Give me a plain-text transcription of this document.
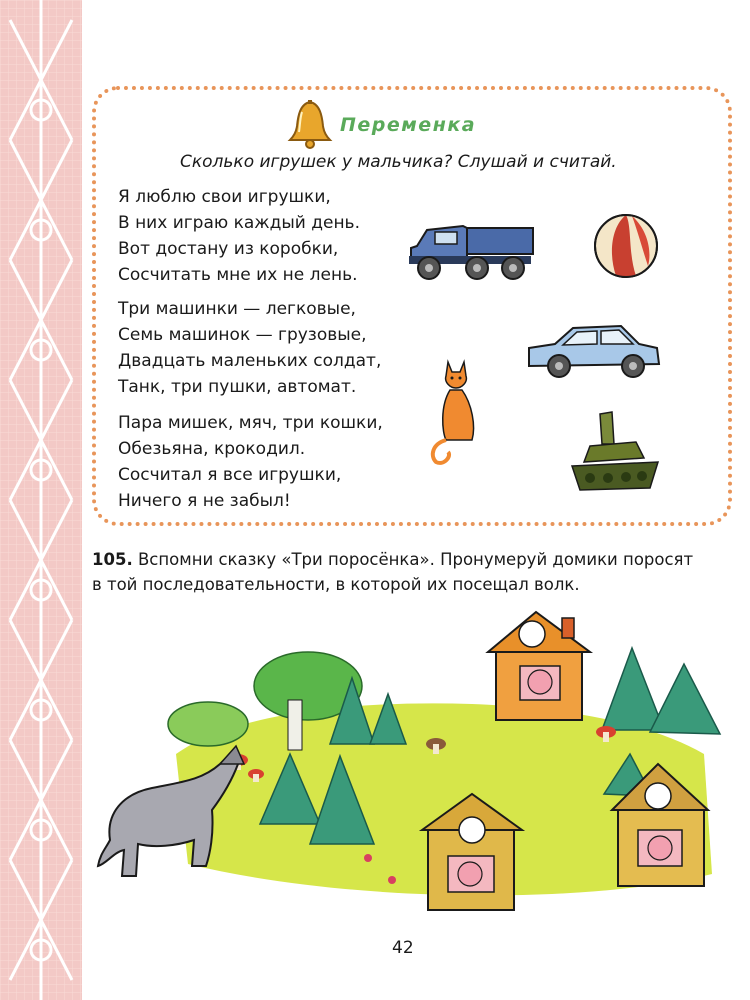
Переменка
Сколько игрушек у мальчика? Слушай и считай.
Я люблю свои игрушки,
В них играю каждый день.
Вот достану из коробки,
Сосчитать мне их не лень.
Три машинки — легковые,
Семь машинок — грузовые,
Двадцать маленьких солдат,
Танк, три пушки, автомат.
Пара мишек, мяч, три кошки,
Обезьяна, крокодил.
Сосчитал я все игрушки,
Ничего я не забыл!
105. Вспомни сказку «Три поросёнка». Пронумеруй домики поросят
в той последовательности, в которой их посещал волк.
42
